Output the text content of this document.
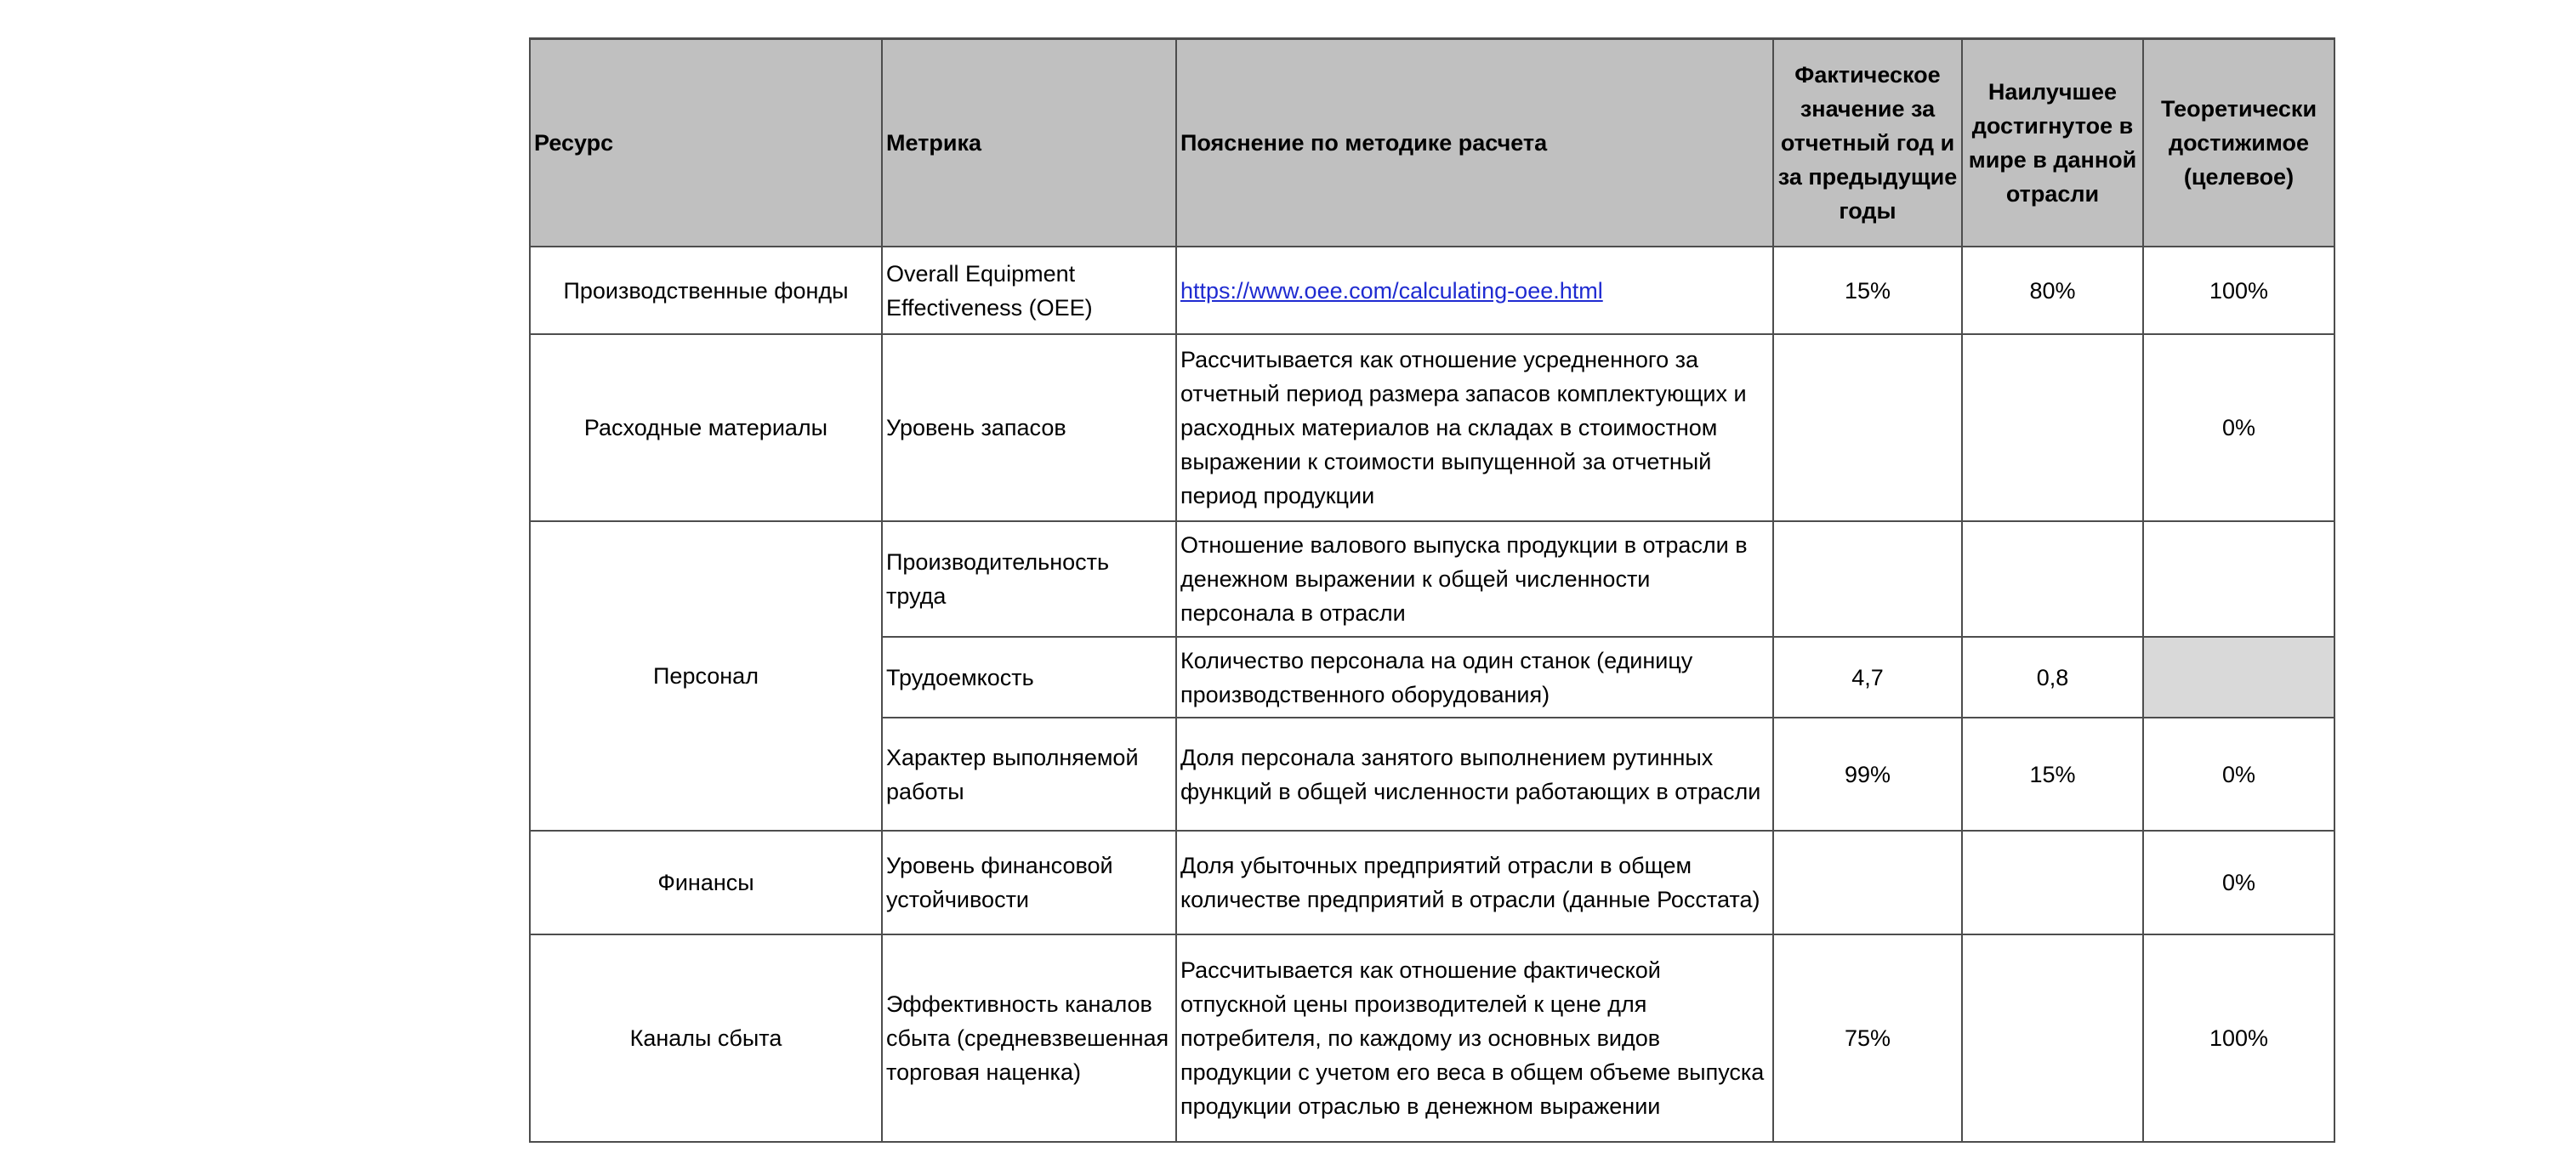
Ресурс	Метрика	Пояснение по методике расчета	Фактическое значение за отчетный год и за предыдущие годы	Наилучшее достигнутое в мире в данной отрасли	Теоретически достижимое (целевое)
Производственные фонды	Overall Equipment Effectiveness (OEE)	https://www.oee.com/calculating-oee.html	15%	80%	100%
Расходные материалы	Уровень запасов	Рассчитывается как отношение усредненного за отчетный период размера запасов комплектующих и расходных материалов на складах в стоимостном выражении к стоимости выпущенной за отчетный период продукции			0%
Персонал	Производительность труда	Отношение валового выпуска продукции в отрасли в денежном выражении к общей численности персонала в отрасли			
	Трудоемкость	Количество персонала на один станок (единицу производственного оборудования)	4,7	0,8	
	Характер выполняемой работы	Доля персонала занятого выполнением рутинных функций в общей численности работающих в отрасли	99%	15%	0%
Финансы	Уровень финансовой устойчивости	Доля убыточных предприятий отрасли в общем количестве предприятий в отрасли (данные Росстата)			0%
Каналы сбыта	Эффективность каналов сбыта (средневзвешенная торговая наценка)	Рассчитывается как отношение фактической отпускной цены производителей к цене для потребителя, по каждому из основных видов продукции с учетом его веса в общем объеме выпуска продукции отраслью в денежном выражении	75%		100%
